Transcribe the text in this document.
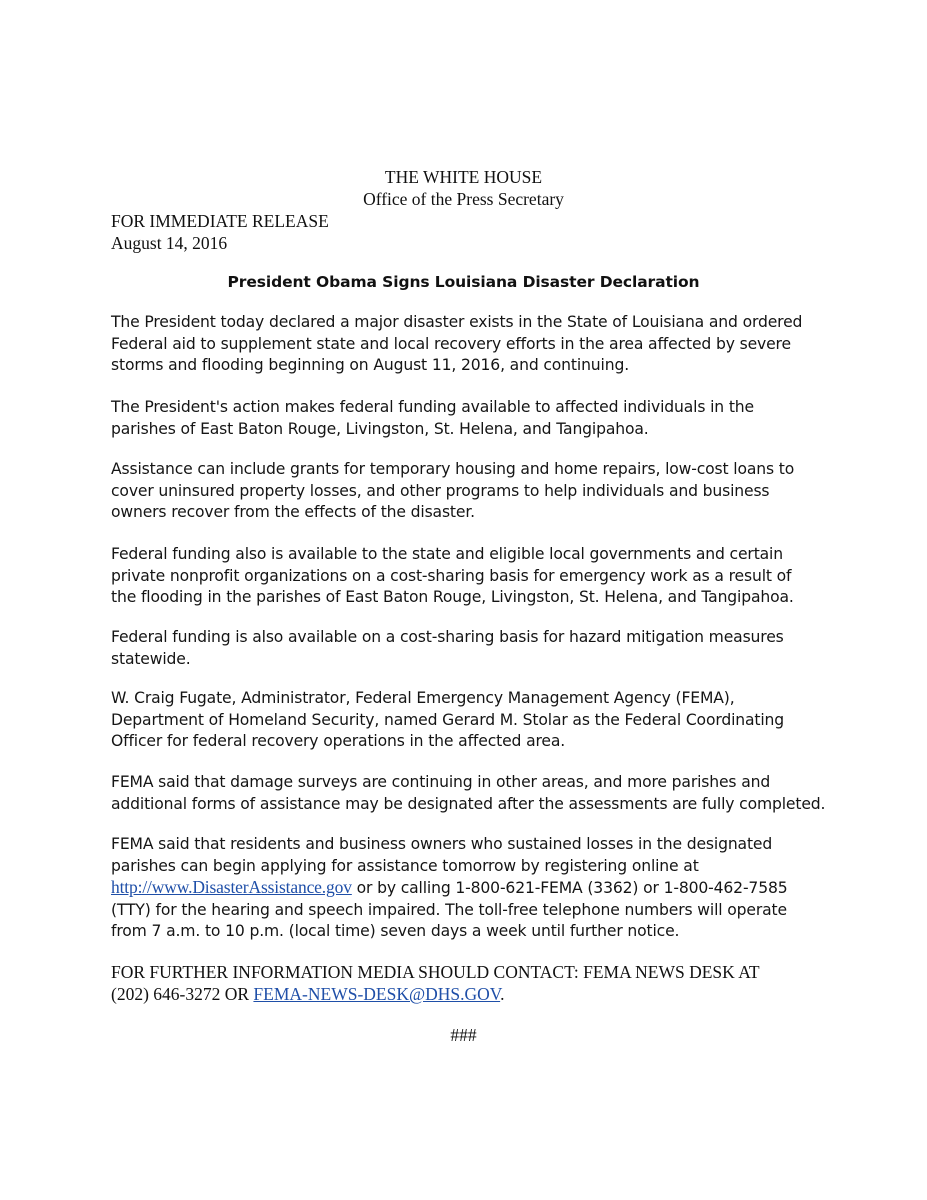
THE WHITE HOUSE
Office of the Press Secretary
FOR IMMEDIATE RELEASE
August 14, 2016
President Obama Signs Louisiana Disaster Declaration
The President today declared a major disaster exists in the State of Louisiana and ordered
Federal aid to supplement state and local recovery efforts in the area affected by severe
storms and flooding beginning on August 11, 2016, and continuing.
The President's action makes federal funding available to affected individuals in the
parishes of East Baton Rouge, Livingston, St. Helena, and Tangipahoa.
Assistance can include grants for temporary housing and home repairs, low-cost loans to
cover uninsured property losses, and other programs to help individuals and business
owners recover from the effects of the disaster.
Federal funding also is available to the state and eligible local governments and certain
private nonprofit organizations on a cost-sharing basis for emergency work as a result of
the flooding in the parishes of East Baton Rouge, Livingston, St. Helena, and Tangipahoa.
Federal funding is also available on a cost-sharing basis for hazard mitigation measures
statewide.
W. Craig Fugate, Administrator, Federal Emergency Management Agency (FEMA),
Department of Homeland Security, named Gerard M. Stolar as the Federal Coordinating
Officer for federal recovery operations in the affected area.
FEMA said that damage surveys are continuing in other areas, and more parishes and
additional forms of assistance may be designated after the assessments are fully completed.
FEMA said that residents and business owners who sustained losses in the designated
parishes can begin applying for assistance tomorrow by registering online at
http://www.DisasterAssistance.gov or by calling 1-800-621-FEMA (3362) or 1-800-462-7585
(TTY) for the hearing and speech impaired. The toll-free telephone numbers will operate
from 7 a.m. to 10 p.m. (local time) seven days a week until further notice.
FOR FURTHER INFORMATION MEDIA SHOULD CONTACT: FEMA NEWS DESK AT
(202) 646-3272 OR FEMA-NEWS-DESK@DHS.GOV.
###
